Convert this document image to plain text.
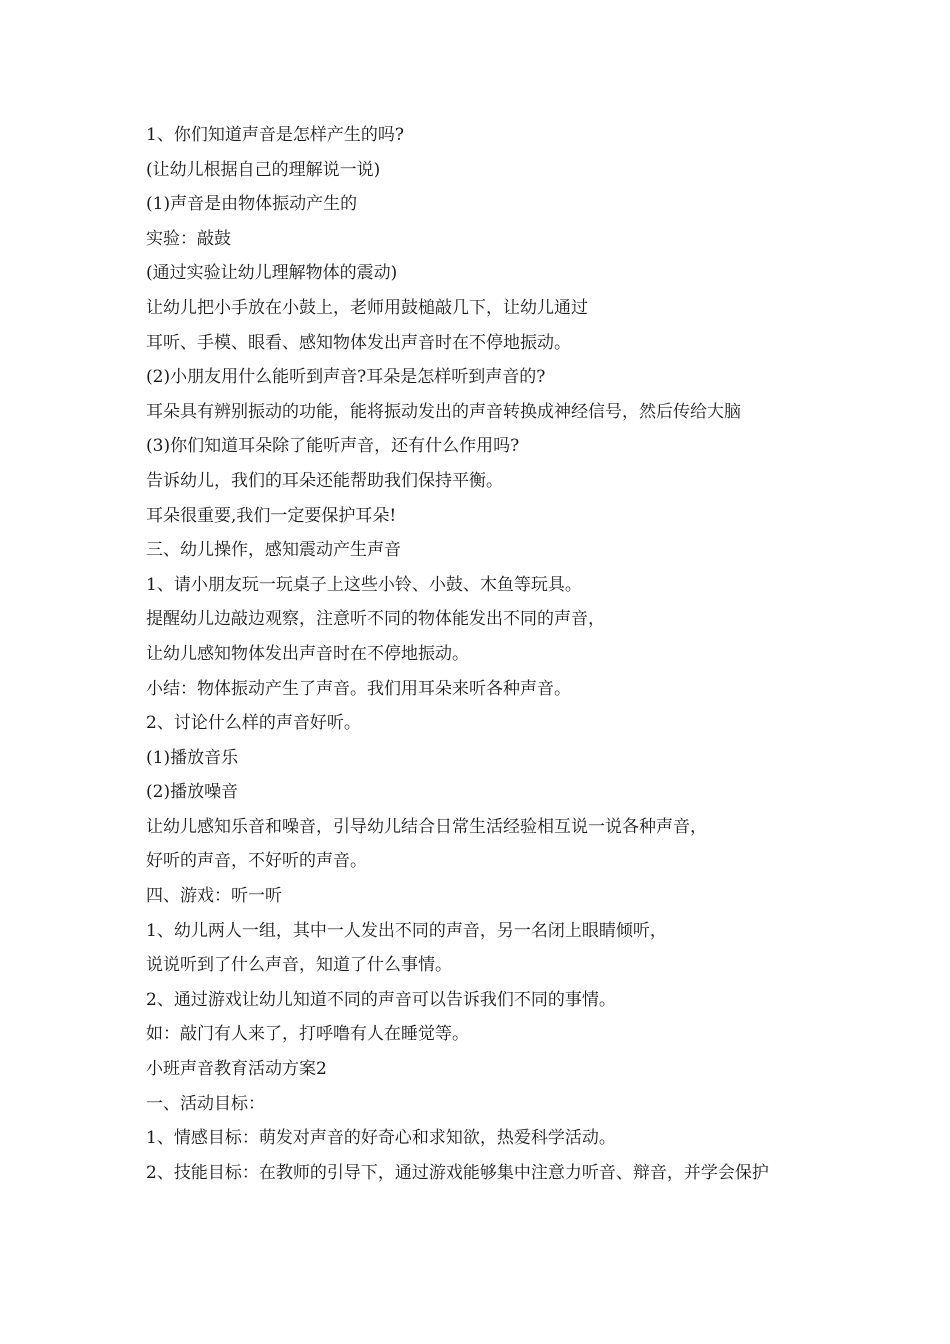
1、你们知道声音是怎样产生的吗?
(让幼儿根据自己的理解说一说)
(1)声音是由物体振动产生的
实验：敲鼓
(通过实验让幼儿理解物体的震动)
让幼儿把小手放在小鼓上，老师用鼓槌敲几下，让幼儿通过
耳听、手模、眼看、感知物体发出声音时在不停地振动。
(2)小朋友用什么能听到声音?耳朵是怎样听到声音的?
耳朵具有辨别振动的功能，能将振动发出的声音转换成神经信号，然后传给大脑
(3)你们知道耳朵除了能听声音，还有什么作用吗?
告诉幼儿，我们的耳朵还能帮助我们保持平衡。
耳朵很重要,我们一定要保护耳朵!
三、幼儿操作，感知震动产生声音
1、请小朋友玩一玩桌子上这些小铃、小鼓、木鱼等玩具。
提醒幼儿边敲边观察，注意听不同的物体能发出不同的声音，
让幼儿感知物体发出声音时在不停地振动。
小结：物体振动产生了声音。我们用耳朵来听各种声音。
2、讨论什么样的声音好听。
(1)播放音乐
(2)播放噪音
让幼儿感知乐音和噪音，引导幼儿结合日常生活经验相互说一说各种声音，
好听的声音，不好听的声音。
四、游戏：听一听
1、幼儿两人一组，其中一人发出不同的声音，另一名闭上眼睛倾听，
说说听到了什么声音，知道了什么事情。
2、通过游戏让幼儿知道不同的声音可以告诉我们不同的事情。
如：敲门有人来了，打呼噜有人在睡觉等。
小班声音教育活动方案2
一、活动目标：
1、情感目标：萌发对声音的好奇心和求知欲，热爱科学活动。
2、技能目标：在教师的引导下，通过游戏能够集中注意力听音、辩音，并学会保护
